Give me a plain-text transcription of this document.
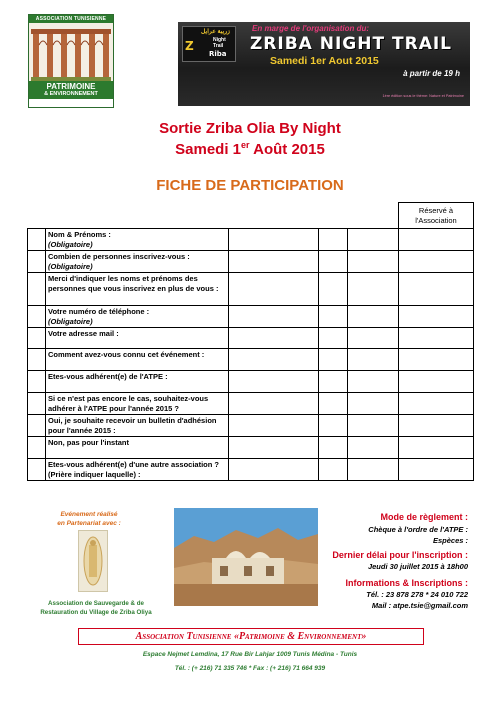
ASSOCIATION TUNISIENNE
PATRIMOINE
& ENVIRONNEMENT
زريبة عرايل
Z	Night
Trail
Riba
En marge de l'organisation du:
ZRIBA NIGHT TRAIL
Samedi 1er Aout 2015
à partir de 19 h
1ère édition sous le thème: Nature et Patrimoine
Sortie Zriba Olia By Night
Samedi 1er Août 2015
FICHE DE PARTICIPATION
					Réservé à l'Association
	Nom & Prénoms :
(Obligatoire)				
	Combien de personnes inscrivez-vous :
(Obligatoire)				
	Merci d'indiquer les noms et prénoms des personnes que vous inscrivez en plus de vous :				
	Votre numéro de téléphone :
(Obligatoire)				
	Votre adresse mail :				
	Comment avez-vous connu cet événement :				
	Etes-vous adhérent(e) de l'ATPE :				
	Si ce n'est pas encore le cas, souhaitez-vous adhérer à l'ATPE pour l'année 2015 ?				
	Oui, je souhaite recevoir un bulletin d'adhésion pour l'année 2015 :				
	Non, pas pour l'instant				
	Etes-vous adhérent(e) d'une autre association ? (Prière indiquer laquelle) :				
Evénement réalisé
en Partenariat avec :
Association de Sauvegarde & de
Restauration du Village de Zriba Oliya
Mode de règlement :
Chèque à l'ordre de l'ATPE :
Espèces :
Dernier délai pour l'inscription :
Jeudi 30 juillet 2015 à 18h00
Informations & Inscriptions :
Tél. : 23 878 278 * 24 010 722
Mail : atpe.tsie@gmail.com
Association Tunisienne «Patrimoine & Environnement»
Espace Nejmet Lemdina, 17 Rue Bir Lahjar 1009 Tunis Médina - Tunis
Tél. : (+ 216) 71 335 746 * Fax : (+ 216) 71 664 939
